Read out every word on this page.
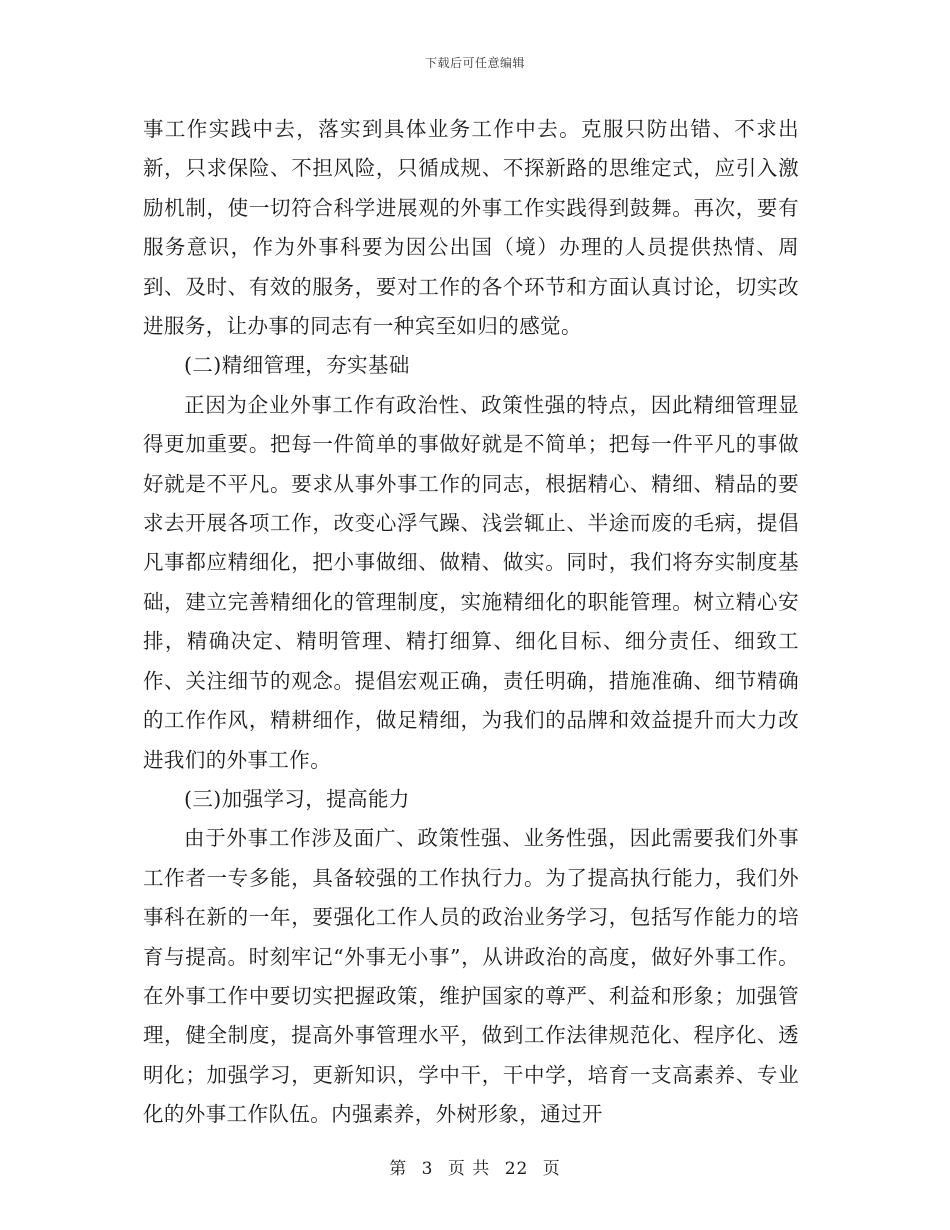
下载后可任意编辑

事工作实践中去，落实到具体业务工作中去。克服只防出错、不求出新，只求保险、不担风险，只循成规、不探新路的思维定式，应引入激励机制，使一切符合科学进展观的外事工作实践得到鼓舞。再次，要有服务意识，作为外事科要为因公出国（境）办理的人员提供热情、周到、及时、有效的服务，要对工作的各个环节和方面认真讨论，切实改进服务，让办事的同志有一种宾至如归的感觉。

(二)精细管理，夯实基础

正因为企业外事工作有政治性、政策性强的特点，因此精细管理显得更加重要。把每一件简单的事做好就是不简单；把每一件平凡的事做好就是不平凡。要求从事外事工作的同志，根据精心、精细、精品的要求去开展各项工作，改变心浮气躁、浅尝辄止、半途而废的毛病，提倡凡事都应精细化，把小事做细、做精、做实。同时，我们将夯实制度基础，建立完善精细化的管理制度，实施精细化的职能管理。树立精心安排，精确决定、精明管理、精打细算、细化目标、细分责任、细致工作、关注细节的观念。提倡宏观正确，责任明确，措施准确、细节精确的工作作风，精耕细作，做足精细，为我们的品牌和效益提升而大力改进我们的外事工作。

(三)加强学习，提高能力

由于外事工作涉及面广、政策性强、业务性强，因此需要我们外事工作者一专多能，具备较强的工作执行力。为了提高执行能力，我们外事科在新的一年，要强化工作人员的政治业务学习，包括写作能力的培育与提高。时刻牢记“外事无小事”，从讲政治的高度，做好外事工作。在外事工作中要切实把握政策，维护国家的尊严、利益和形象；加强管理，健全制度，提高外事管理水平，做到工作法律规范化、程序化、透明化；加强学习，更新知识，学中干，干中学，培育一支高素养、专业化的外事工作队伍。内强素养，外树形象，通过开

第 3 页 共 22 页
